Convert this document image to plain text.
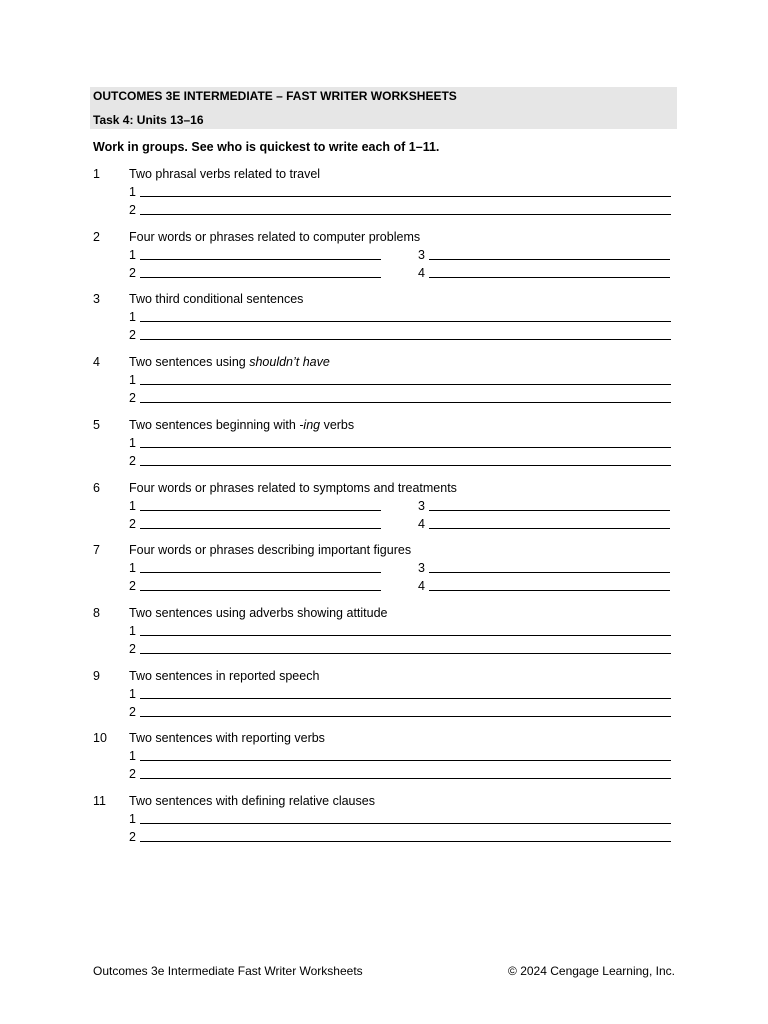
OUTCOMES 3E INTERMEDIATE – FAST WRITER WORKSHEETS
Task 4: Units 13–16
Work in groups. See who is quickest to write each of 1–11.
1 Two phrasal verbs related to travel
1
2
2 Four words or phrases related to computer problems
1
2
3
4
3 Two third conditional sentences
1
2
4 Two sentences using shouldn’t have
1
2
5 Two sentences beginning with -ing verbs
1
2
6 Four words or phrases related to symptoms and treatments
1
2
3
4
7 Four words or phrases describing important figures
1
2
3
4
8 Two sentences using adverbs showing attitude
1
2
9 Two sentences in reported speech
1
2
10 Two sentences with reporting verbs
1
2
11 Two sentences with defining relative clauses
1
2
Outcomes 3e Intermediate Fast Writer Worksheets	© 2024 Cengage Learning, Inc.
